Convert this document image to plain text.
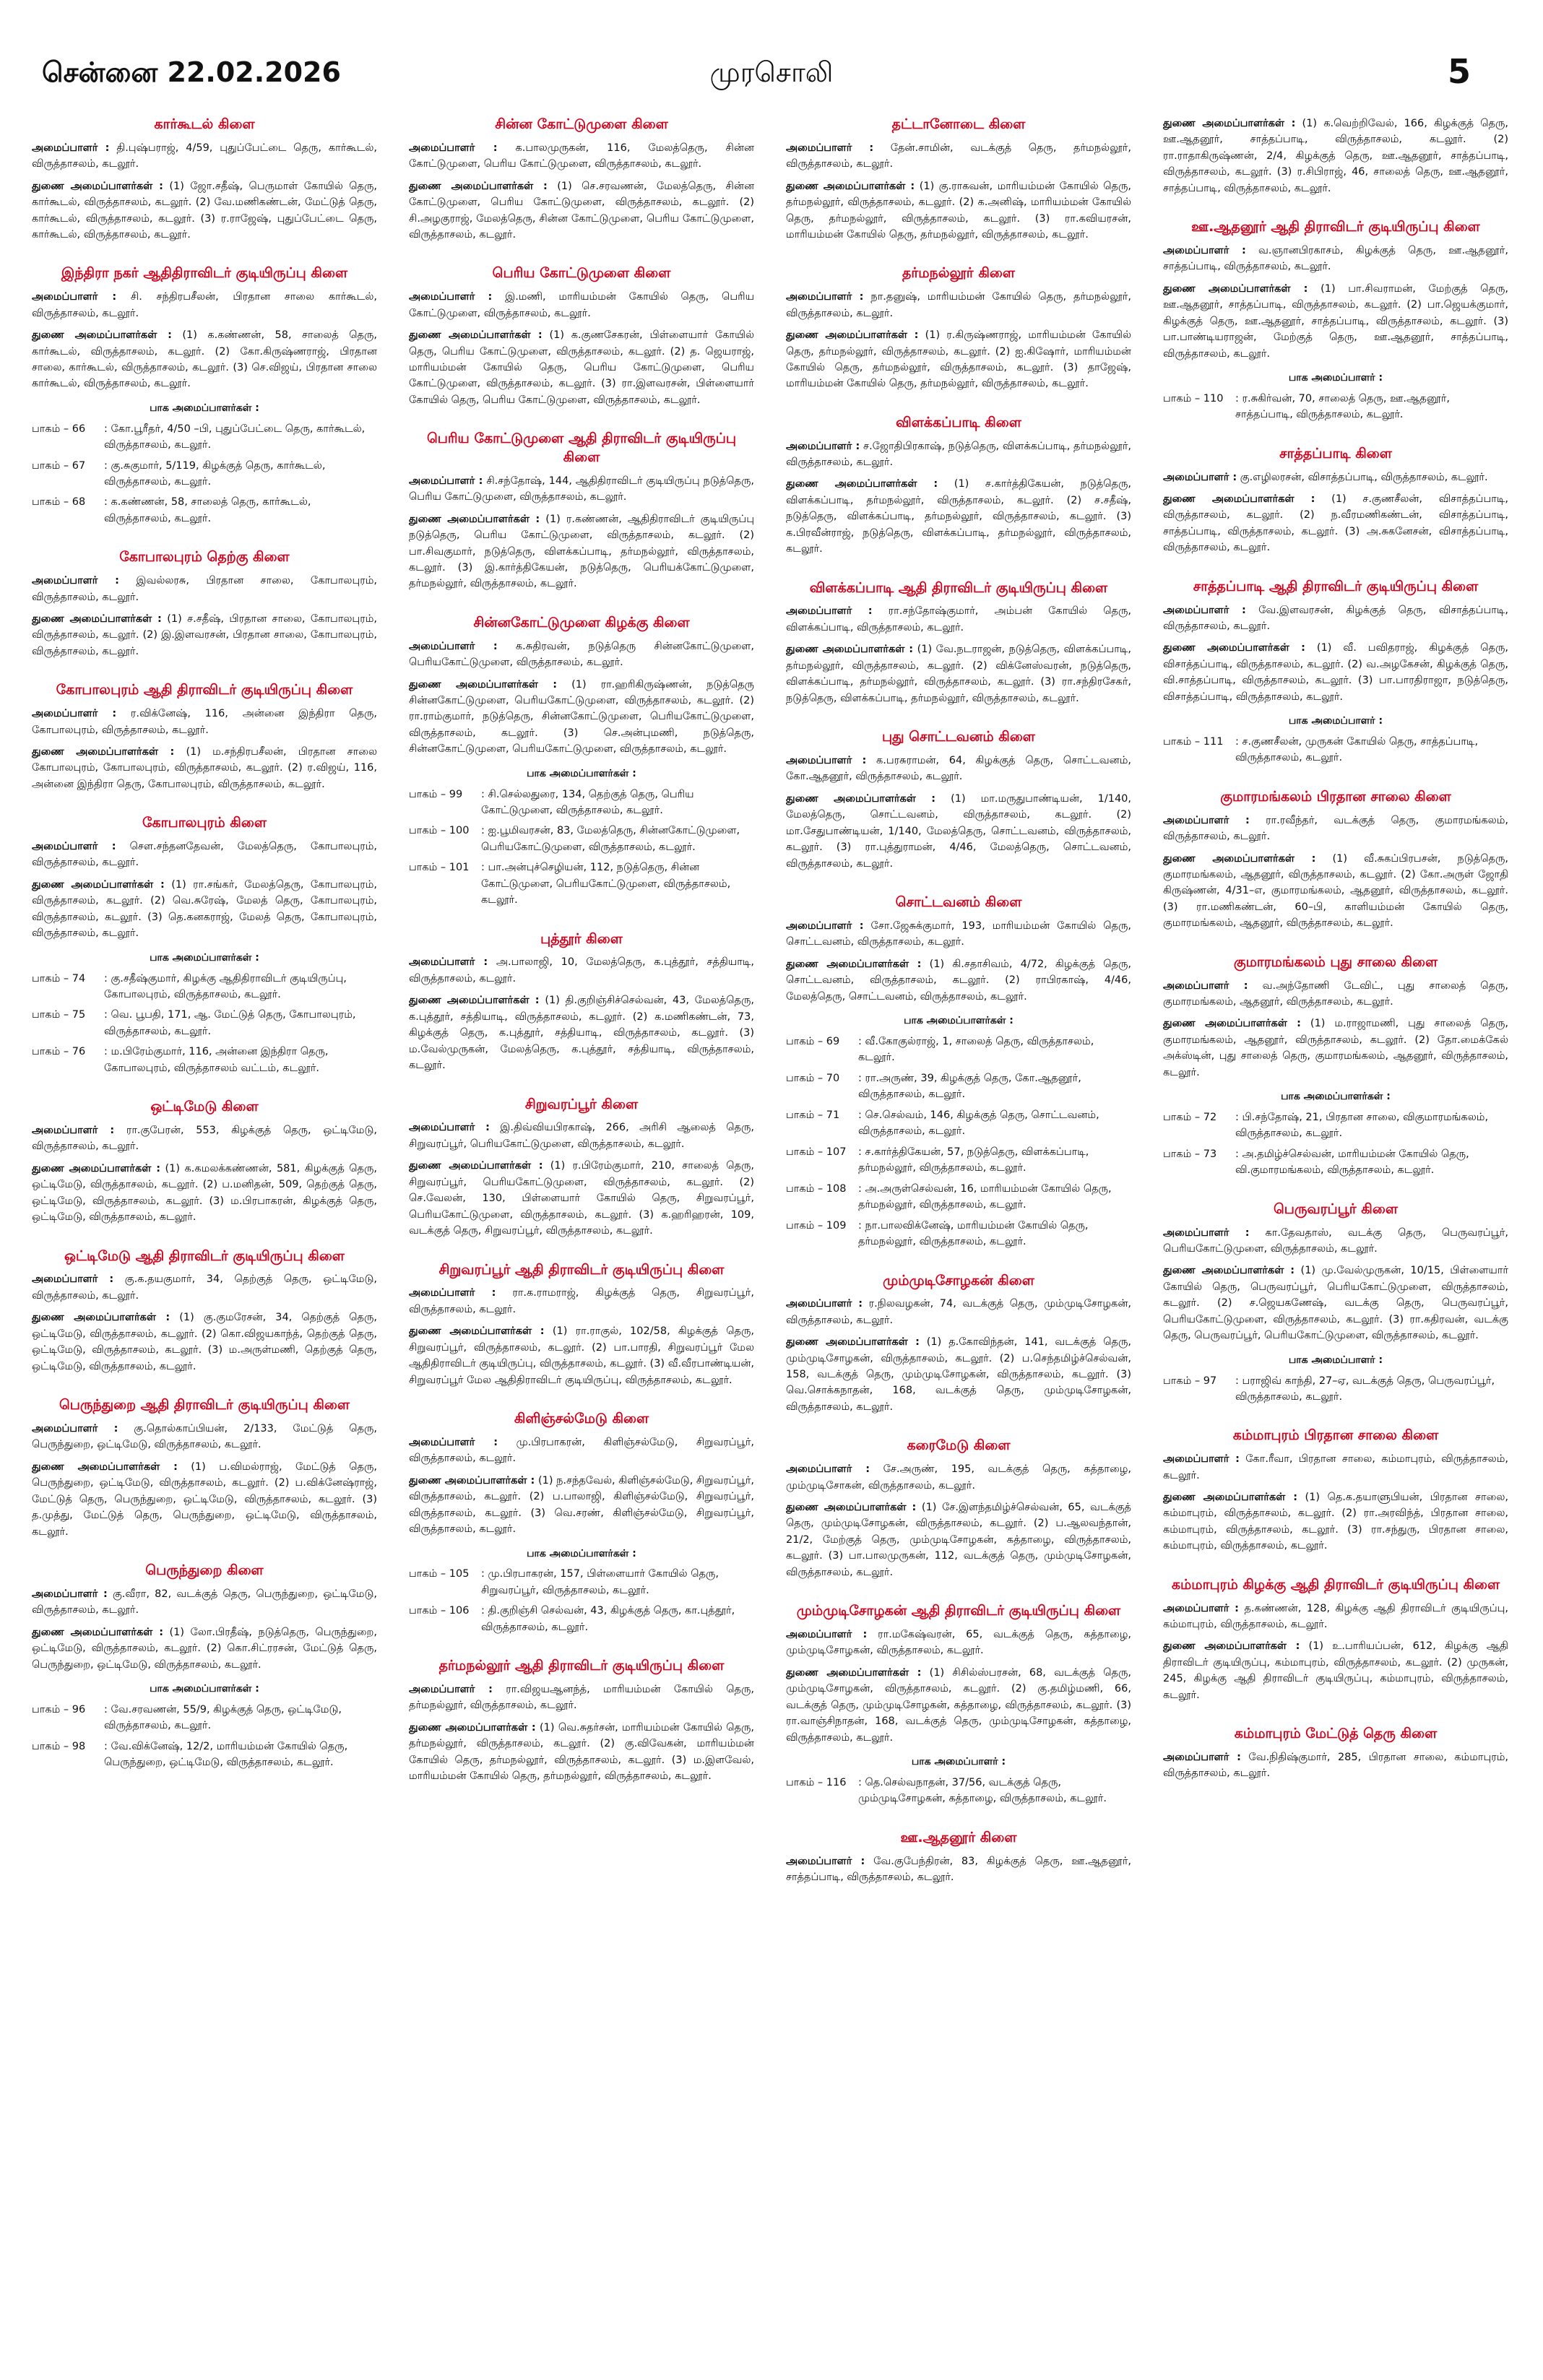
சென்னை 22.02.2026	முரசொலி	5
கார்கூடல் கிளை
அமைப்பாளர் : தி.புஷ்பராஜ், 4/59, புதுப்பேட்டை தெரு, கார்கூடல், விருத்தாசலம், கடலூர்.
துணை அமைப்பாளர்கள் : (1) ஜோ.சதீஷ், பெருமாள் கோயில் தெரு, கார்கூடல், விருத்தாசலம், கடலூர். (2) வே.மணிகண்டன், மேட்டுத் தெரு, கார்கூடல், விருத்தாசலம், கடலூர். (3) ர.ராஜேஷ், புதுப்பேட்டை தெரு, கார்கூடல், விருத்தாசலம், கடலூர்.
இந்திரா நகர் ஆதிதிராவிடர் குடியிருப்பு கிளை
அமைப்பாளர் : சி. சந்திரபசீலன், பிரதான சாலை கார்கூடல், விருத்தாசலம், கடலூர்.
துணை அமைப்பாளர்கள் : (1) க.கண்ணன், 58, சாலைத் தெரு, கார்கூடல், விருத்தாசலம், கடலூர். (2) கோ.கிருஷ்ணராஜ், பிரதான சாலை, கார்கூடல், விருத்தாசலம், கடலூர். (3) செ.விஜய், பிரதான சாலை கார்கூடல், விருத்தாசலம், கடலூர்.
பாக அமைப்பாளர்கள் :
பாகம் – 66	: கோ.பூரீதர், 4/50 –பி, புதுப்பேட்டை தெரு, கார்கூடல், விருத்தாசலம், கடலூர்.
பாகம் – 67	: கு.சுகுமார், 5/119, கிழக்குத் தெரு, கார்கூடல், விருத்தாசலம், கடலூர்.
பாகம் – 68	: க.கண்ணன், 58, சாலைத் தெரு, கார்கூடல், விருத்தாசலம், கடலூர்.
கோபாலபுரம் தெற்கு கிளை
அமைப்பாளர் : இவல்லரசு, பிரதான சாலை, கோபாலபுரம், விருத்தாசலம், கடலூர்.
துணை அமைப்பாளர்கள் : (1) ச.சதீஷ், பிரதான சாலை, கோபாலபுரம், விருத்தாசலம், கடலூர். (2) இ.இளவரசன், பிரதான சாலை, கோபாலபுரம், விருத்தாசலம், கடலூர்.
கோபாலபுரம் ஆதி திராவிடர் குடியிருப்பு கிளை
அமைப்பாளர் : ர.விக்னேஷ், 116, அன்னை இந்திரா தெரு, கோபாலபுரம், விருத்தாசலம், கடலூர்.
துணை அமைப்பாளர்கள் : (1) ம.சந்திரபசீலன், பிரதான சாலை கோபாலபுரம், கோபாலபுரம், விருத்தாசலம், கடலூர். (2) ர.விஜய், 116, அன்னை இந்திரா தெரு, கோபாலபுரம், விருத்தாசலம், கடலூர்.
கோபாலபுரம் கிளை
அமைப்பாளர் : செள.சந்தனதேவன், மேலத்தெரு, கோபாலபுரம், விருத்தாசலம், கடலூர்.
துணை அமைப்பாளர்கள் : (1) ரா.சங்கர், மேலத்தெரு, கோபாலபுரம், விருத்தாசலம், கடலூர். (2) வெ.சுரேஷ், மேலத் தெரு, கோபாலபுரம், விருத்தாசலம், கடலூர். (3) தெ.கனகராஜ், மேலத் தெரு, கோபாலபுரம், விருத்தாசலம், கடலூர்.
பாக அமைப்பாளர்கள் :
பாகம் – 74	: கு.சதீஷ்குமார், கிழக்கு ஆதிதிராவிடர் குடியிருப்பு, கோபாலபுரம், விருத்தாசலம், கடலூர்.
பாகம் – 75	: வெ. பூபதி, 171, ஆ. மேட்டுத் தெரு, கோபாலபுரம், விருத்தாசலம், கடலூர்.
பாகம் – 76	: ம.பிரேம்குமார், 116, அன்னை இந்திரா தெரு, கோபாலபுரம், விருத்தாசலம் வட்டம், கடலூர்.
ஒட்டிமேடு கிளை
அமைப்பாளர் : ரா.குபேரன், 553, கிழக்குத் தெரு, ஒட்டிமேடு, விருத்தாசலம், கடலூர்.
துணை அமைப்பாளர்கள் : (1) க.கமலக்கண்ணன், 581, கிழக்குத் தெரு, ஒட்டிமேடு, விருத்தாசலம், கடலூர். (2) ப.மனிதன், 509, தெற்குத் தெரு, ஒட்டிமேடு, விருத்தாசலம், கடலூர். (3) ம.பிரபாகரன், கிழக்குத் தெரு, ஒட்டிமேடு, விருத்தாசலம், கடலூர்.
ஒட்டிமேடு ஆதி திராவிடர் குடியிருப்பு கிளை
அமைப்பாளர் : கு.க.தயகுமார், 34, தெற்குத் தெரு, ஒட்டிமேடு, விருத்தாசலம், கடலூர்.
துணை அமைப்பாளர்கள் : (1) கு.குமரேசன், 34, தெற்குத் தெரு, ஒட்டிமேடு, விருத்தாசலம், கடலூர். (2) கொ.விஜயகாந்த், தெற்குத் தெரு, ஒட்டிமேடு, விருத்தாசலம், கடலூர். (3) ம.அருள்மணி, தெற்குத் தெரு, ஒட்டிமேடு, விருத்தாசலம், கடலூர்.
பெருந்துறை ஆதி திராவிடர் குடியிருப்பு கிளை
அமைப்பாளர் : கு.தொல்காப்பியன், 2/133, மேட்டுத் தெரு, பெருந்துறை, ஒட்டிமேடு, விருத்தாசலம், கடலூர்.
துணை அமைப்பாளர்கள் : (1) ப.விமல்ராஜ், மேட்டுத் தெரு, பெருந்துறை, ஒட்டிமேடு, விருத்தாசலம், கடலூர். (2) ப.விக்னேஷ்ராஜ், மேட்டுத் தெரு, பெருந்துறை, ஒட்டிமேடு, விருத்தாசலம், கடலூர். (3) த.முத்து, மேட்டுத் தெரு, பெருந்துறை, ஒட்டிமேடு, விருத்தாசலம், கடலூர்.
பெருந்துறை கிளை
அமைப்பாளர் : கு.வீரா, 82, வடக்குத் தெரு, பெருந்துறை, ஒட்டிமேடு, விருத்தாசலம், கடலூர்.
துணை அமைப்பாளர்கள் : (1) லோ.பிரதீஷ், நடுத்தெரு, பெருந்துறை, ஒட்டிமேடு, விருத்தாசலம், கடலூர். (2) கொ.சிட்ரரசன், மேட்டுத் தெரு, பெருந்துறை, ஒட்டிமேடு, விருத்தாசலம், கடலூர்.
பாக அமைப்பாளர்கள் :
பாகம் – 96	: வே.சரவணன், 55/9, கிழக்குத் தெரு, ஒட்டிமேடு, விருத்தாசலம், கடலூர்.
பாகம் – 98	: வே.விக்னேஷ், 12/2, மாரியம்மன் கோயில் தெரு, பெருந்துறை, ஒட்டிமேடு, விருத்தாசலம், கடலூர்.
சின்ன கோட்டுமுளை கிளை
அமைப்பாளர் : க.பாலமுருகன், 116, மேலத்தெரு, சின்ன கோட்டுமுளை, பெரிய கோட்டுமுளை, விருத்தாசலம், கடலூர்.
துணை அமைப்பாளர்கள் : (1) செ.சரவணன், மேலத்தெரு, சின்ன கோட்டுமுளை, பெரிய கோட்டுமுளை, விருத்தாசலம், கடலூர். (2) சி.அழகுராஜ், மேலத்தெரு, சின்ன கோட்டுமுளை, பெரிய கோட்டுமுளை, விருத்தாசலம், கடலூர்.
பெரிய கோட்டுமுளை கிளை
அமைப்பாளர் : இ.மணி, மாரியம்மன் கோயில் தெரு, பெரிய கோட்டுமுளை, விருத்தாசலம், கடலூர்.
துணை அமைப்பாளர்கள் : (1) க.குணசேகரன், பிள்ளையார் கோயில் தெரு, பெரிய கோட்டுமுளை, விருத்தாசலம், கடலூர். (2) த. ஜெயராஜ், மாரியம்மன் கோயில் தெரு, பெரிய கோட்டுமுளை, பெரிய கோட்டுமுளை, விருத்தாசலம், கடலூர். (3) ரா.இளவரசன், பிள்ளையார் கோயில் தெரு, பெரிய கோட்டுமுளை, விருத்தாசலம், கடலூர்.
பெரிய கோட்டுமுளை ஆதி திராவிடர் குடியிருப்பு கிளை
அமைப்பாளர் : சி.சந்தோஷ், 144, ஆதிதிராவிடர் குடியிருப்பு நடுத்தெரு, பெரிய கோட்டுமுளை, விருத்தாசலம், கடலூர்.
துணை அமைப்பாளர்கள் : (1) ர.கண்ணன், ஆதிதிராவிடர் குடியிருப்பு நடுத்தெரு, பெரிய கோட்டுமுளை, விருத்தாசலம், கடலூர். (2) பா.சிவகுமார், நடுத்தெரு, விளக்கப்பாடி, தர்மநல்லூர், விருத்தாசலம், கடலூர். (3) இ.கார்த்திகேயன், நடுத்தெரு, பெரியக்கோட்டுமுளை, தர்மநல்லூர், விருத்தாசலம், கடலூர்.
சின்னகோட்டுமுளை கிழக்கு கிளை
அமைப்பாளர் : க.சுதிரவன், நடுத்தெரு சின்னகோட்டுமுளை, பெரியகோட்டுமுளை, விருத்தாசலம், கடலூர்.
துணை அமைப்பாளர்கள் : (1) ரா.ஹரிகிருஷ்ணன், நடுத்தெரு சின்னகோட்டுமுளை, பெரியகோட்டுமுளை, விருத்தாசலம், கடலூர். (2) ரா.ராம்குமார், நடுத்தெரு, சின்னகோட்டுமுளை, பெரியகோட்டுமுளை, விருத்தாசலம், கடலூர். (3) செ.அன்புமணி, நடுத்தெரு, சின்னகோட்டுமுளை, பெரியகோட்டுமுளை, விருத்தாசலம், கடலூர்.
பாக அமைப்பாளர்கள் :
பாகம் – 99	: சி.செல்லதுரை, 134, தெற்குத் தெரு, பெரிய கோட்டுமுளை, விருத்தாசலம், கடலூர்.
பாகம் – 100	: ஐ.பூமிவரசன், 83, மேலத்தெரு, சின்னகோட்டுமுளை, பெரியகோட்டுமுளை, விருத்தாசலம், கடலூர்.
பாகம் – 101	: பா.அன்புச்செழியன், 112, நடுத்தெரு, சின்ன கோட்டுமுளை, பெரியகோட்டுமுளை, விருத்தாசலம், கடலூர்.
புத்தூர் கிளை
அமைப்பாளர் : அ.பாலாஜி, 10, மேலத்தெரு, க.புத்தூர், சத்தியாடி, விருத்தாசலம், கடலூர்.
துணை அமைப்பாளர்கள் : (1) தி.குறிஞ்சிச்செல்வன், 43, மேலத்தெரு, க.புத்தூர், சத்தியாடி, விருத்தாசலம், கடலூர். (2) க.மணிகண்டன், 73, கிழக்குத் தெரு, க.புத்தூர், சத்தியாடி, விருத்தாசலம், கடலூர். (3) ம.வேல்முருகன், மேலத்தெரு, க.புத்தூர், சத்தியாடி, விருத்தாசலம், கடலூர்.
சிறுவரப்பூர் கிளை
அமைப்பாளர் : இ.திவ்வியபிரகாஷ், 266, அரிசி ஆலைத் தெரு, சிறுவரப்பூர், பெரியகோட்டுமுளை, விருத்தாசலம், கடலூர்.
துணை அமைப்பாளர்கள் : (1) ர.பிரேம்குமார், 210, சாலைத் தெரு, சிறுவரப்பூர், பெரியகோட்டுமுளை, விருத்தாசலம், கடலூர். (2) செ.வேலன், 130, பிள்ளையார் கோயில் தெரு, சிறுவரப்பூர், பெரியகோட்டுமுளை, விருத்தாசலம், கடலூர். (3) க.ஹரிஹரன், 109, வடக்குத் தெரு, சிறுவரப்பூர், விருத்தாசலம், கடலூர்.
சிறுவரப்பூர் ஆதி திராவிடர் குடியிருப்பு கிளை
அமைப்பாளர் : ரா.க.ராமராஜ், கிழக்குத் தெரு, சிறுவரப்பூர், விருத்தாசலம், கடலூர்.
துணை அமைப்பாளர்கள் : (1) ரா.ராகுல், 102/58, கிழக்குத் தெரு, சிறுவரப்பூர், விருத்தாசலம், கடலூர். (2) பா.பாரதி, சிறுவரப்பூர் மேல ஆதிதிராவிடர் குடியிருப்பு, விருத்தாசலம், கடலூர். (3) வீ.வீரபாண்டியன், சிறுவரப்பூர் மேல ஆதிதிராவிடர் குடியிருப்பு, விருத்தாசலம், கடலூர்.
கிளிஞ்சல்மேடு கிளை
அமைப்பாளர் : மு.பிரபாகரன், கிளிஞ்சல்மேடு, சிறுவரப்பூர், விருத்தாசலம், கடலூர்.
துணை அமைப்பாளர்கள் : (1) ந.சந்தவேல், கிளிஞ்சல்மேடு, சிறுவரப்பூர், விருத்தாசலம், கடலூர். (2) ப.பாலாஜி, கிளிஞ்சல்மேடு, சிறுவரப்பூர், விருத்தாசலம், கடலூர். (3) வெ.சரண், கிளிஞ்சல்மேடு, சிறுவரப்பூர், விருத்தாசலம், கடலூர்.
பாக அமைப்பாளர்கள் :
பாகம் – 105	: மு.பிரபாகரன், 157, பிள்ளையார் கோயில் தெரு, சிறுவரப்பூர், விருத்தாசலம், கடலூர்.
பாகம் – 106	: தி.குறிஞ்சி செல்வன், 43, கிழக்குத் தெரு, கா.புத்தூர், விருத்தாசலம், கடலூர்.
தர்மநல்லூர் ஆதி திராவிடர் குடியிருப்பு கிளை
அமைப்பாளர் : ரா.விஜயஆனந்த், மாரியம்மன் கோயில் தெரு, தர்மநல்லூர், விருத்தாசலம், கடலூர்.
துணை அமைப்பாளர்கள் : (1) வெ.சுதர்சன், மாரியம்மன் கோயில் தெரு, தர்மநல்லூர், விருத்தாசலம், கடலூர். (2) கு.விவேகன், மாரியம்மன் கோயில் தெரு, தர்மநல்லூர், விருத்தாசலம், கடலூர். (3) ம.இளவேல், மாரியம்மன் கோயில் தெரு, தர்மநல்லூர், விருத்தாசலம், கடலூர்.
தட்டானோடை கிளை
அமைப்பாளர் : தேன்.சாமின், வடக்குத் தெரு, தர்மநல்லூர், விருத்தாசலம், கடலூர்.
துணை அமைப்பாளர்கள் : (1) கு.ராகவன், மாரியம்மன் கோயில் தெரு, தர்மநல்லூர், விருத்தாசலம், கடலூர். (2) க.அனிஷ், மாரியம்மன் கோயில் தெரு, தர்மநல்லூர், விருத்தாசலம், கடலூர். (3) ரா.கவியரசன், மாரியம்மன் கோயில் தெரு, தர்மநல்லூர், விருத்தாசலம், கடலூர்.
தர்மநல்லூர் கிளை
அமைப்பாளர் : நா.தனுஷ், மாரியம்மன் கோயில் தெரு, தர்மநல்லூர், விருத்தாசலம், கடலூர்.
துணை அமைப்பாளர்கள் : (1) ர.கிருஷ்ணராஜ், மாரியம்மன் கோயில் தெரு, தர்மநல்லூர், விருத்தாசலம், கடலூர். (2) ஐ.கிஷோர், மாரியம்மன் கோயில் தெரு, தர்மநல்லூர், விருத்தாசலம், கடலூர். (3) தாஜேஷ், மாரியம்மன் கோயில் தெரு, தர்மநல்லூர், விருத்தாசலம், கடலூர்.
விளக்கப்பாடி கிளை
அமைப்பாளர் : ச.ஜோதிபிரகாஷ், நடுத்தெரு, விளக்கப்பாடி, தர்மநல்லூர், விருத்தாசலம், கடலூர்.
துணை அமைப்பாளர்கள் : (1) ச.கார்த்திகேயன், நடுத்தெரு, விளக்கப்பாடி, தர்மநல்லூர், விருத்தாசலம், கடலூர். (2) ச.சதீஷ், நடுத்தெரு, விளக்கப்பாடி, தர்மநல்லூர், விருத்தாசலம், கடலூர். (3) க.பிரவீன்ராஜ், நடுத்தெரு, விளக்கப்பாடி, தர்மநல்லூர், விருத்தாசலம், கடலூர்.
விளக்கப்பாடி ஆதி திராவிடர் குடியிருப்பு கிளை
அமைப்பாளர் : ரா.சந்தோஷ்குமார், அம்பன் கோயில் தெரு, விளக்கப்பாடி, விருத்தாசலம், கடலூர்.
துணை அமைப்பாளர்கள் : (1) வே.நடராஜன், நடுத்தெரு, விளக்கப்பாடி, தர்மநல்லூர், விருத்தாசலம், கடலூர். (2) விக்னேஸ்வரன், நடுத்தெரு, விளக்கப்பாடி, தர்மநல்லூர், விருத்தாசலம், கடலூர். (3) ரா.சந்திரசேகர், நடுத்தெரு, விளக்கப்பாடி, தர்மநல்லூர், விருத்தாசலம், கடலூர்.
புது சொட்டவனம் கிளை
அமைப்பாளர் : க.பரசுராமன், 64, கிழக்குத் தெரு, சொட்டவனம், கோ.ஆதனூர், விருத்தாசலம், கடலூர்.
துணை அமைப்பாளர்கள் : (1) மா.மருதுபாண்டியன், 1/140, மேலத்தெரு, சொட்டவனம், விருத்தாசலம், கடலூர். (2) மா.சேதுபாண்டியன், 1/140, மேலத்தெரு, சொட்டவனம், விருத்தாசலம், கடலூர். (3) ரா.புத்துராமன், 4/46, மேலத்தெரு, சொட்டவனம், விருத்தாசலம், கடலூர்.
சொட்டவனம் கிளை
அமைப்பாளர் : சோ.ஜேசுக்குமார், 193, மாரியம்மன் கோயில் தெரு, சொட்டவனம், விருத்தாசலம், கடலூர்.
துணை அமைப்பாளர்கள் : (1) கி.சதாசிவம், 4/72, கிழக்குத் தெரு, சொட்டவனம், விருத்தாசலம், கடலூர். (2) ராபிரகாஷ், 4/46, மேலத்தெரு, சொட்டவனம், விருத்தாசலம், கடலூர்.
பாக அமைப்பாளர்கள் :
பாகம் – 69	: வீ.கோகுல்ராஜ், 1, சாலைத் தெரு, விருத்தாசலம், கடலூர்.
பாகம் – 70	: ரா.அருண், 39, கிழக்குத் தெரு, கோ.ஆதனூர், விருத்தாசலம், கடலூர்.
பாகம் – 71	: செ.செல்வம், 146, கிழக்குத் தெரு, சொட்டவனம், விருத்தாசலம், கடலூர்.
பாகம் – 107	: ச.கார்த்திகேயன், 57, நடுத்தெரு, விளக்கப்பாடி, தர்மநல்லூர், விருத்தாசலம், கடலூர்.
பாகம் – 108	: அ.அருள்செல்வன், 16, மாரியம்மன் கோயில் தெரு, தர்மநல்லூர், விருத்தாசலம், கடலூர்.
பாகம் – 109	: நா.பாலவிக்னேஷ், மாரியம்மன் கோயில் தெரு, தர்மநல்லூர், விருத்தாசலம், கடலூர்.
மும்முடிசோழகன் கிளை
அமைப்பாளர் : ர.நிலவழகன், 74, வடக்குத் தெரு, மும்முடிசோழகன், விருத்தாசலம், கடலூர்.
துணை அமைப்பாளர்கள் : (1) த.கோவிந்தன், 141, வடக்குத் தெரு, மும்முடிசோழகன், விருத்தாசலம், கடலூர். (2) ப.செந்தமிழ்ச்செல்வன், 158, வடக்குத் தெரு, மும்முடிசோழகன், விருத்தாசலம், கடலூர். (3) வெ.சொக்கநாதன், 168, வடக்குத் தெரு, மும்முடிசோழகன், விருத்தாசலம், கடலூர்.
கரைமேடு கிளை
அமைப்பாளர் : சே.அருண், 195, வடக்குத் தெரு, கத்தாழை, மும்முடிசோகன், விருத்தாசலம், கடலூர்.
துணை அமைப்பாளர்கள் : (1) சே.இளந்தமிழ்ச்செல்வன், 65, வடக்குத் தெரு, மும்முடிசோழகன், விருத்தாசலம், கடலூர். (2) ப.ஆலவந்தான், 21/2, மேற்குத் தெரு, மும்முடிசோழகன், கத்தாழை, விருத்தாசலம், கடலூர். (3) பா.பாலமுருகன், 112, வடக்குத் தெரு, மும்முடிசோழகன், விருத்தாசலம், கடலூர்.
மும்முடிசோழகன் ஆதி திராவிடர் குடியிருப்பு கிளை
அமைப்பாளர் : ரா.மகேஷ்வரன், 65, வடக்குத் தெரு, கத்தாழை, மும்முடிசோழகன், விருத்தாசலம், கடலூர்.
துணை அமைப்பாளர்கள் : (1) சிசில்ஸ்பரசன், 68, வடக்குத் தெரு, மும்முடிசோழகன், விருத்தாசலம், கடலூர். (2) கு.தமிழ்மணி, 66, வடக்குத் தெரு, மும்முடிசோழகன், கத்தாழை, விருத்தாசலம், கடலூர். (3) ரா.வாஞ்சிநாதன், 168, வடக்குத் தெரு, மும்முடிசோழகன், கத்தாழை, விருத்தாசலம், கடலூர்.
பாக அமைப்பாளர் :
பாகம் – 116	: தெ.செல்வநாதன், 37/56, வடக்குத் தெரு, மும்முடிசோழகன், கத்தாழை, விருத்தாசலம், கடலூர்.
ஊ.ஆதனூர் கிளை
அமைப்பாளர் : வே.குபேந்திரன், 83, கிழக்குத் தெரு, ஊ.ஆதனூர், சாத்தப்பாடி, விருத்தாசலம், கடலூர்.
துணை அமைப்பாளர்கள் : (1) க.வெற்றிவேல், 166, கிழக்குத் தெரு, ஊ.ஆதனூர், சாத்தப்பாடி, விருத்தாசலம், கடலூர். (2) ரா.ராதாகிருஷ்ணன், 2/4, கிழக்குத் தெரு, ஊ.ஆதனூர், சாத்தப்பாடி, விருத்தாசலம், கடலூர். (3) ர.சிபிராஜ், 46, சாலைத் தெரு, ஊ.ஆதனூர், சாத்தப்பாடி, விருத்தாசலம், கடலூர்.
ஊ.ஆதனூர் ஆதி திராவிடர் குடியிருப்பு கிளை
அமைப்பாளர் : வ.ஞானபிரகாசம், கிழக்குத் தெரு, ஊ.ஆதனூர், சாத்தப்பாடி, விருத்தாசலம், கடலூர்.
துணை அமைப்பாளர்கள் : (1) பா.சிவராமன், மேற்குத் தெரு, ஊ.ஆதனூர், சாத்தப்பாடி, விருத்தாசலம், கடலூர். (2) பா.ஜெயக்குமார், கிழக்குத் தெரு, ஊ.ஆதனூர், சாத்தப்பாடி, விருத்தாசலம், கடலூர். (3) பா.பாண்டியராஜன், மேற்குத் தெரு, ஊ.ஆதனூர், சாத்தப்பாடி, விருத்தாசலம், கடலூர்.
பாக அமைப்பாளர் :
பாகம் – 110	: ர.சுகிர்வன், 70, சாலைத் தெரு, ஊ.ஆதனூர், சாத்தப்பாடி, விருத்தாசலம், கடலூர்.
சாத்தப்பாடி கிளை
அமைப்பாளர் : கு.எழிலரசன், விசாத்தப்பாடி, விருத்தாசலம், கடலூர்.
துணை அமைப்பாளர்கள் : (1) ச.குணசீலன், விசாத்தப்பாடி, விருத்தாசலம், கடலூர். (2) ந.வீரமணிகண்டன், விசாத்தப்பாடி, சாத்தப்பாடி, விருத்தாசலம், கடலூர். (3) அ.சுகனேசன், விசாத்தப்பாடி, விருத்தாசலம், கடலூர்.
சாத்தப்பாடி ஆதி திராவிடர் குடியிருப்பு கிளை
அமைப்பாளர் : வே.இளவரசன், கிழக்குத் தெரு, விசாத்தப்பாடி, விருத்தாசலம், கடலூர்.
துணை அமைப்பாளர்கள் : (1) வீ. பவிதராஜ், கிழக்குத் தெரு, விசாத்தப்பாடி, விருத்தாசலம், கடலூர். (2) வ.அழகேசன், கிழக்குத் தெரு, வி.சாத்தப்பாடி, விருத்தாசலம், கடலூர். (3) பா.பாரதிராஜா, நடுத்தெரு, விசாத்தப்பாடி, விருத்தாசலம், கடலூர்.
பாக அமைப்பாளர் :
பாகம் – 111	: ச.குணசீலன், முருகன் கோயில் தெரு, சாத்தப்பாடி, விருத்தாசலம், கடலூர்.
குமாரமங்கலம் பிரதான சாலை கிளை
அமைப்பாளர் : ரா.ரவீந்தர், வடக்குத் தெரு, குமாரமங்கலம், விருத்தாசலம், கடலூர்.
துணை அமைப்பாளர்கள் : (1) வீ.சுகப்பிரபசன், நடுத்தெரு, குமாரமங்கலம், ஆதனூர், விருத்தாசலம், கடலூர். (2) கோ.அருள் ஜோதி கிருஷ்ணன், 4/31–எ, குமாரமங்கலம், ஆதனூர், விருத்தாசலம், கடலூர். (3) ரா.மணிகண்டன், 60–பி, காளியம்மன் கோயில் தெரு, குமாரமங்கலம், ஆதனூர், விருத்தாசலம், கடலூர்.
குமாரமங்கலம் புது சாலை கிளை
அமைப்பாளர் : வ.அந்தோணி டேவிட், புது சாலைத் தெரு, குமாரமங்கலம், ஆதனூர், விருத்தாசலம், கடலூர்.
துணை அமைப்பாளர்கள் : (1) ம.ராஜாமணி, புது சாலைத் தெரு, குமாரமங்கலம், ஆதனூர், விருத்தாசலம், கடலூர். (2) தோ.மைக்கேல் அக்ஸ்டின், புது சாலைத் தெரு, குமாரமங்கலம், ஆதனூர், விருத்தாசலம், கடலூர்.
பாக அமைப்பாளர்கள் :
பாகம் – 72	: பி.சந்தோஷ், 21, பிரதான சாலை, விகுமாரமங்கலம், விருத்தாசலம், கடலூர்.
பாகம் – 73	: அ.தமிழ்ச்செல்வன், மாரியம்மன் கோயில் தெரு, வி.குமாரமங்கலம், விருத்தாசலம், கடலூர்.
பெருவரப்பூர் கிளை
அமைப்பாளர் : கா.தேவதாஸ், வடக்கு தெரு, பெருவரப்பூர், பெரியகோட்டுமுளை, விருத்தாசலம், கடலூர்.
துணை அமைப்பாளர்கள் : (1) மு.வேல்முருகன், 10/15, பிள்ளையார் கோயில் தெரு, பெருவரப்பூர், பெரியகோட்டுமுளை, விருத்தாசலம், கடலூர். (2) ச.ஜெயகணேஷ், வடக்கு தெரு, பெருவரப்பூர், பெரியகோட்டுமுளை, விருத்தாசலம், கடலூர். (3) ரா.கதிரவன், வடக்கு தெரு, பெருவரப்பூர், பெரியகோட்டுமுளை, விருத்தாசலம், கடலூர்.
பாக அமைப்பாளர் :
பாகம் – 97	: பராஜிவ் காந்தி, 27–ஏ, வடக்குத் தெரு, பெருவரப்பூர், விருத்தாசலம், கடலூர்.
கம்மாபுரம் பிரதான சாலை கிளை
அமைப்பாளர் : கோ.ரீவா, பிரதான சாலை, கம்மாபுரம், விருத்தாசலம், கடலூர்.
துணை அமைப்பாளர்கள் : (1) தெ.க.தயாளுபியன், பிரதான சாலை, கம்மாபுரம், விருத்தாசலம், கடலூர். (2) ரா.அரவிந்த், பிரதான சாலை, கம்மாபுரம், விருத்தாசலம், கடலூர். (3) ரா.சந்துரு, பிரதான சாலை, கம்மாபுரம், விருத்தாசலம், கடலூர்.
கம்மாபுரம் கிழக்கு ஆதி திராவிடர் குடியிருப்பு கிளை
அமைப்பாளர் : த.கண்ணன், 128, கிழக்கு ஆதி திராவிடர் குடியிருப்பு, கம்மாபுரம், விருத்தாசலம், கடலூர்.
துணை அமைப்பாளர்கள் : (1) உ.பாரியப்பன், 612, கிழக்கு ஆதி திராவிடர் குடியிருப்பு, கம்மாபுரம், விருத்தாசலம், கடலூர். (2) முருகன், 245, கிழக்கு ஆதி திராவிடர் குடியிருப்பு, கம்மாபுரம், விருத்தாசலம், கடலூர்.
கம்மாபுரம் மேட்டுத் தெரு கிளை
அமைப்பாளர் : வே.நிதிஷ்குமார், 285, பிரதான சாலை, கம்மாபுரம், விருத்தாசலம், கடலூர்.
